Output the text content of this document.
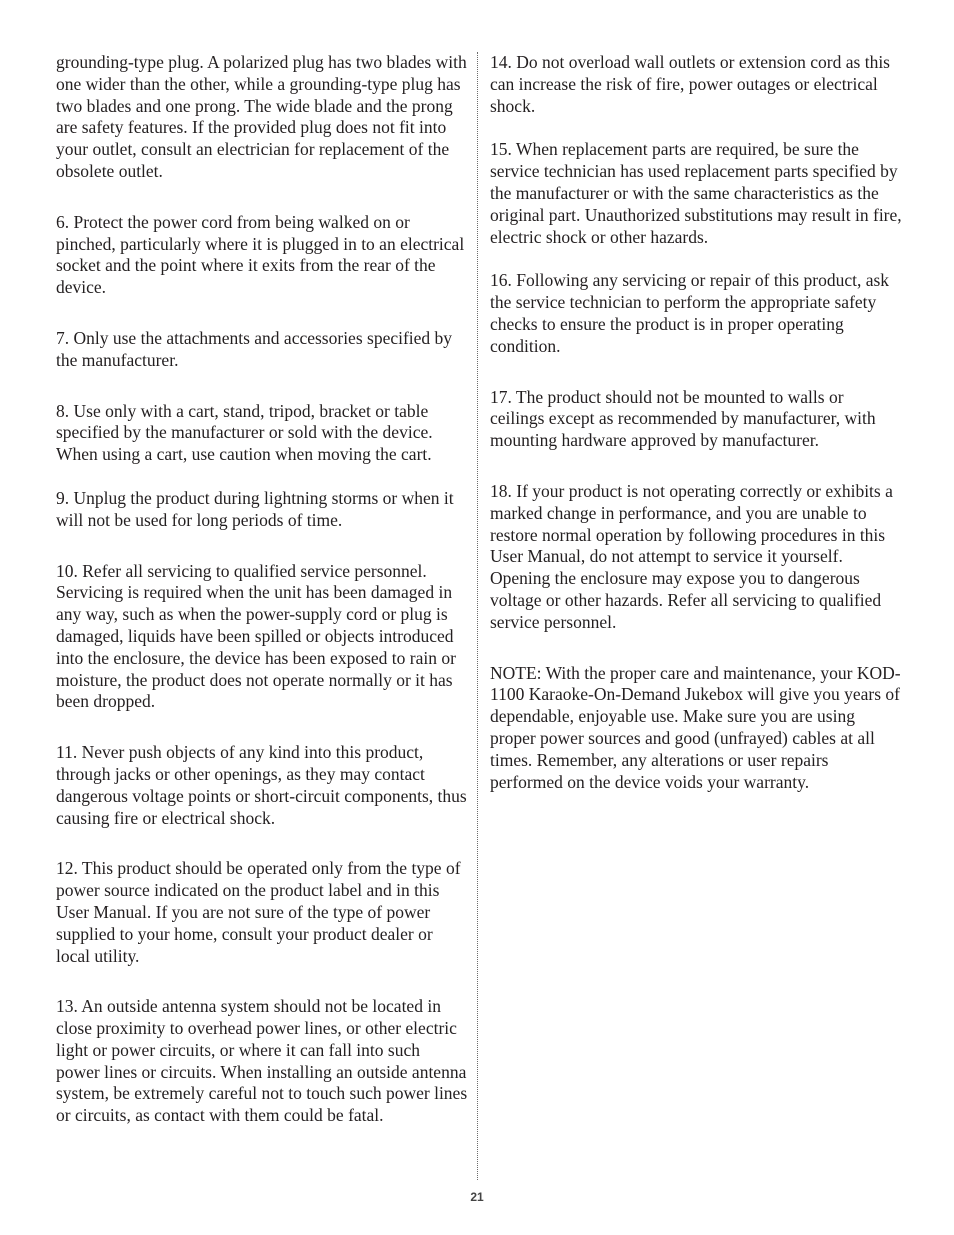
grounding-type plug. A polarized plug has two blades with one wider than the other, while a grounding-type plug has two blades and one prong. The wide blade and the prong are safety features. If the provided plug does not fit into your outlet, consult an electrician for replacement of the obsolete outlet.

6. Protect the power cord from being walked on or pinched, particularly where it is plugged in to an electrical socket and the point where it exits from the rear of the device.

7. Only use the attachments and accessories specified by the manufacturer.

8. Use only with a cart, stand, tripod, bracket or table specified by the manufacturer or sold with the device. When using a cart, use caution when moving the cart.

9. Unplug the product during lightning storms or when it will not be used for long periods of time.

10. Refer all servicing to qualified service personnel. Servicing is required when the unit has been damaged in any way, such as when the power-supply cord or plug is damaged, liquids have been spilled or objects introduced into the enclosure, the device has been exposed to rain or moisture, the product does not operate normally or it has been dropped.

11. Never push objects of any kind into this product, through jacks or other openings, as they may contact dangerous voltage points or short-circuit components, thus causing fire or electrical shock.

12. This product should be operated only from the type of power source indicated on the product label and in this User Manual. If you are not sure of the type of power supplied to your home, consult your product dealer or local utility.

13. An outside antenna system should not be located in close proximity to overhead power lines, or other electric light or power circuits, or where it can fall into such power lines or circuits. When installing an outside antenna system, be extremely careful not to touch such power lines or circuits, as contact with them could be fatal.

14. Do not overload wall outlets or extension cord as this can increase the risk of fire, power outages or electrical shock.

15. When replacement parts are required, be sure the service technician has used replacement parts specified by the manufacturer or with the same characteristics as the original part. Unauthorized substitutions may result in fire, electric shock or other hazards.

16. Following any servicing or repair of this product, ask the service technician to perform the appropriate safety checks to ensure the product is in proper operating condition.

17. The product should not be mounted to walls or ceilings except as recommended by manufacturer, with mounting hardware approved by manufacturer.

18. If your product is not operating correctly or exhibits a marked change in performance, and you are unable to restore normal operation by following procedures in this User Manual, do not attempt to service it yourself. Opening the enclosure may expose you to dangerous voltage or other hazards. Refer all servicing to qualified service personnel.

NOTE: With the proper care and maintenance, your KOD-1100 Karaoke-On-Demand Jukebox will give you years of dependable, enjoyable use. Make sure you are using proper power sources and good (unfrayed) cables at all times. Remember, any alterations or user repairs performed on the device voids your warranty.

21
